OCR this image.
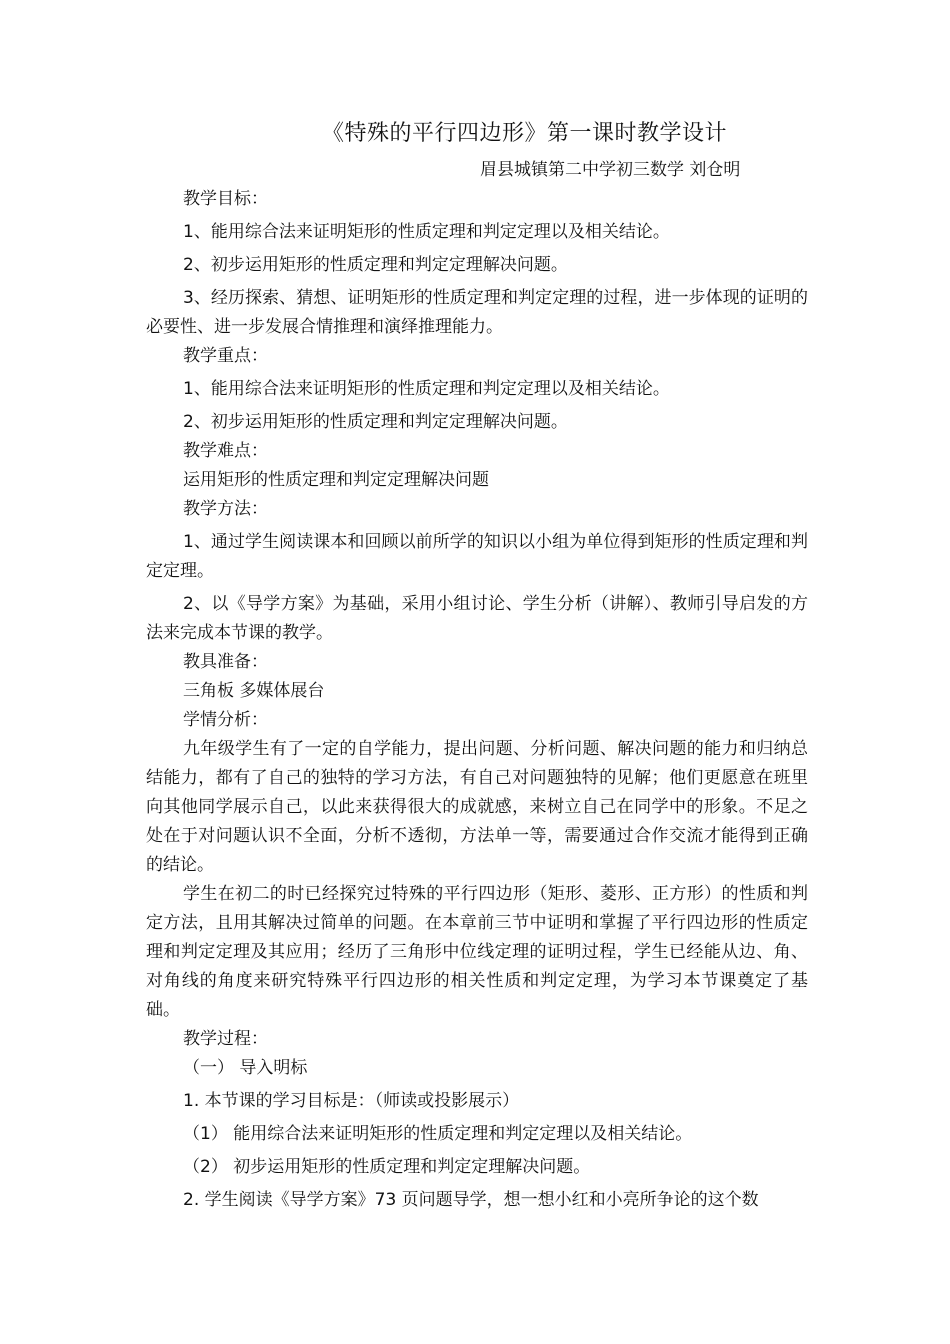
《特殊的平行四边形》第一课时教学设计
眉县城镇第二中学初三数学 刘仓明

教学目标：

1、能用综合法来证明矩形的性质定理和判定定理以及相关结论。

2、初步运用矩形的性质定理和判定定理解决问题。

3、经历探索、猜想、证明矩形的性质定理和判定定理的过程，进一步体现的证明的必要性、进一步发展合情推理和演绎推理能力。

教学重点：

1、能用综合法来证明矩形的性质定理和判定定理以及相关结论。

2、初步运用矩形的性质定理和判定定理解决问题。

教学难点：

运用矩形的性质定理和判定定理解决问题

教学方法：

1、通过学生阅读课本和回顾以前所学的知识以小组为单位得到矩形的性质定理和判定定理。

2、以《导学方案》为基础，采用小组讨论、学生分析（讲解）、教师引导启发的方法来完成本节课的教学。

教具准备：

三角板 多媒体展台

学情分析：

九年级学生有了一定的自学能力，提出问题、分析问题、解决问题的能力和归纳总结能力，都有了自己的独特的学习方法，有自己对问题独特的见解；他们更愿意在班里向其他同学展示自己，以此来获得很大的成就感，来树立自己在同学中的形象。不足之处在于对问题认识不全面，分析不透彻，方法单一等，需要通过合作交流才能得到正确的结论。

学生在初二的时已经探究过特殊的平行四边形（矩形、菱形、正方形）的性质和判定方法，且用其解决过简单的问题。在本章前三节中证明和掌握了平行四边形的性质定理和判定定理及其应用；经历了三角形中位线定理的证明过程，学生已经能从边、角、对角线的角度来研究特殊平行四边形的相关性质和判定定理，为学习本节课奠定了基础。

教学过程：

（一） 导入明标

1. 本节课的学习目标是：（师读或投影展示）

（1） 能用综合法来证明矩形的性质定理和判定定理以及相关结论。

（2） 初步运用矩形的性质定理和判定定理解决问题。

2. 学生阅读《导学方案》73 页问题导学，想一想小红和小亮所争论的这个数
